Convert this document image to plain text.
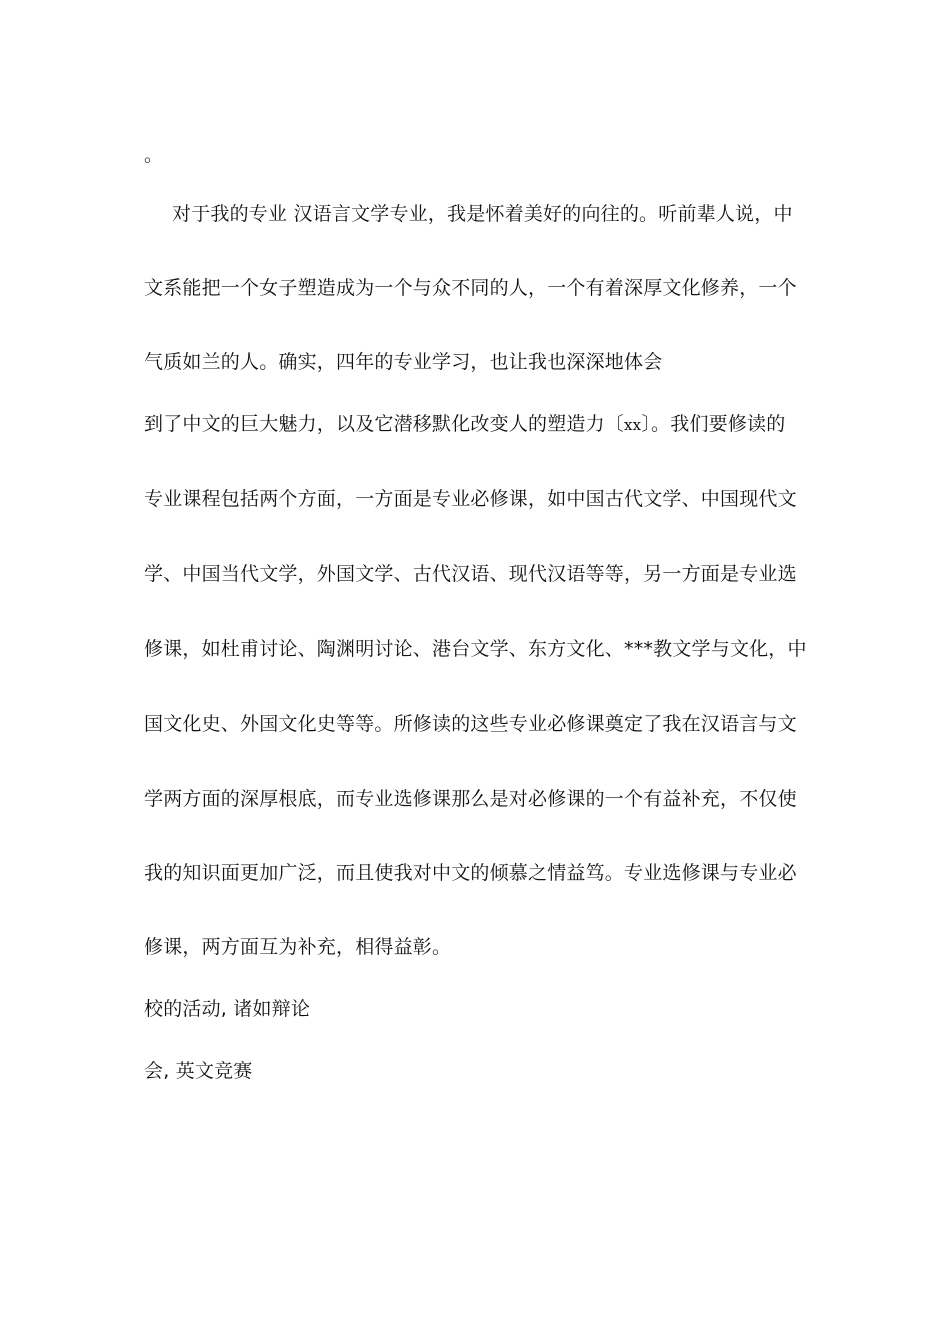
。
对于我的专业 汉语言文学专业，我是怀着美好的向往的。听前辈人说，中
文系能把一个女子塑造成为一个与众不同的人，一个有着深厚文化修养，一个
气质如兰的人。确实，四年的专业学习，也让我也深深地体会
到了中文的巨大魅力，以及它潜移默化改变人的塑造力〔xx〕。我们要修读的
专业课程包括两个方面，一方面是专业必修课，如中国古代文学、中国现代文
学、中国当代文学，外国文学、古代汉语、现代汉语等等，另一方面是专业选
修课，如杜甫讨论、陶渊明讨论、港台文学、东方文化、***教文学与文化，中
国文化史、外国文化史等等。所修读的这些专业必修课奠定了我在汉语言与文
学两方面的深厚根底，而专业选修课那么是对必修课的一个有益补充，不仅使
我的知识面更加广泛，而且使我对中文的倾慕之情益笃。专业选修课与专业必
修课，两方面互为补充，相得益彰。
校的活动, 诸如辩论
会, 英文竞赛
